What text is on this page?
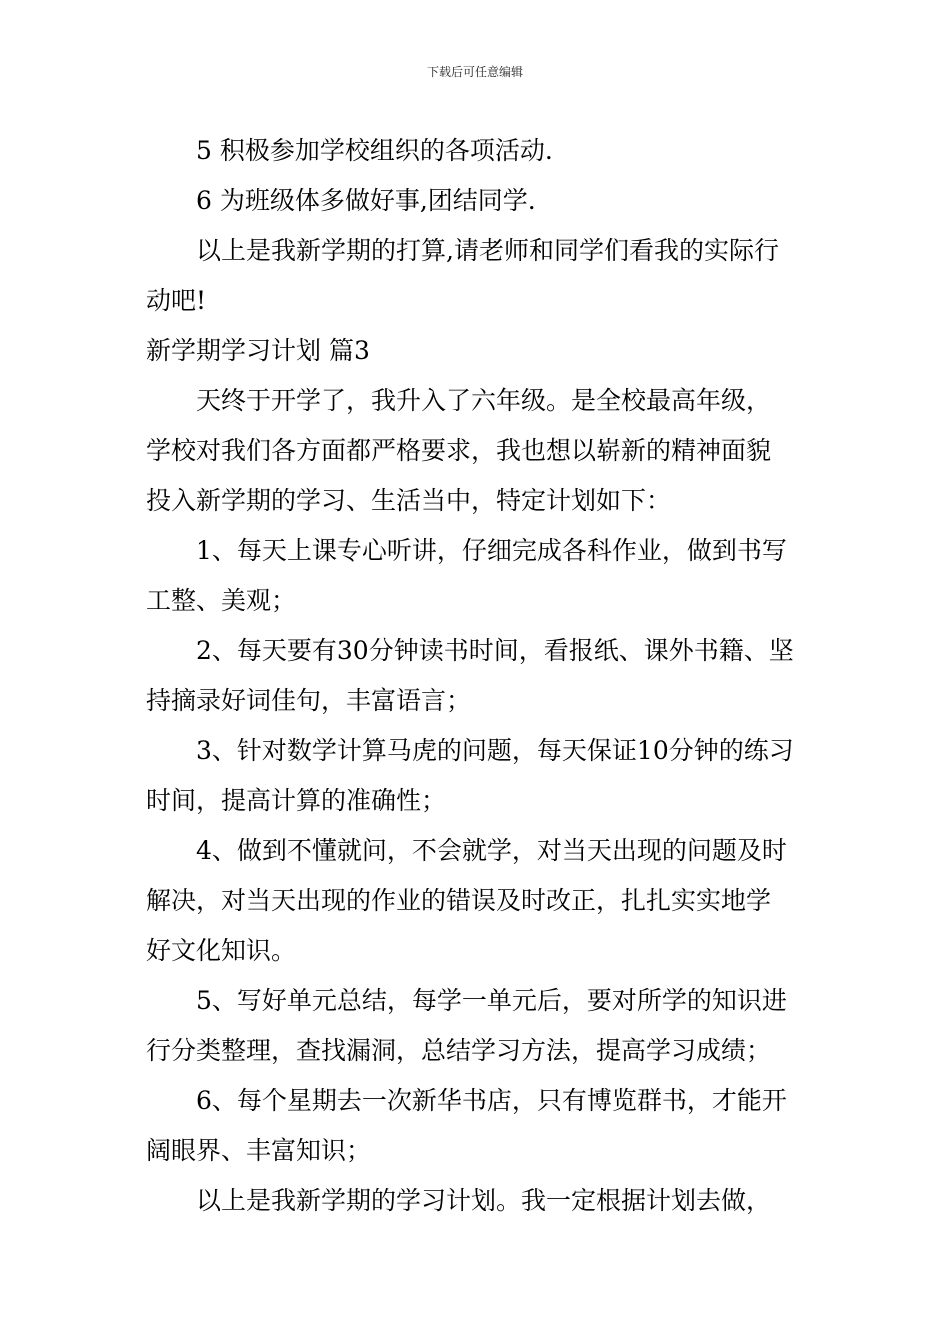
下载后可任意编辑
5 积极参加学校组织的各项活动.
6 为班级体多做好事,团结同学.
以上是我新学期的打算,请老师和同学们看我的实际行
动吧!
新学期学习计划 篇3
天终于开学了，我升入了六年级。是全校最高年级，
学校对我们各方面都严格要求，我也想以崭新的精神面貌
投入新学期的学习、生活当中，特定计划如下：
1、每天上课专心听讲，仔细完成各科作业，做到书写
工整、美观；
2、每天要有30分钟读书时间，看报纸、课外书籍、坚
持摘录好词佳句，丰富语言；
3、针对数学计算马虎的问题，每天保证10分钟的练习
时间，提高计算的准确性；
4、做到不懂就问，不会就学，对当天出现的问题及时
解决，对当天出现的作业的错误及时改正，扎扎实实地学
好文化知识。
5、写好单元总结，每学一单元后，要对所学的知识进
行分类整理，查找漏洞，总结学习方法，提高学习成绩；
6、每个星期去一次新华书店，只有博览群书，才能开
阔眼界、丰富知识；
以上是我新学期的学习计划。我一定根据计划去做，
